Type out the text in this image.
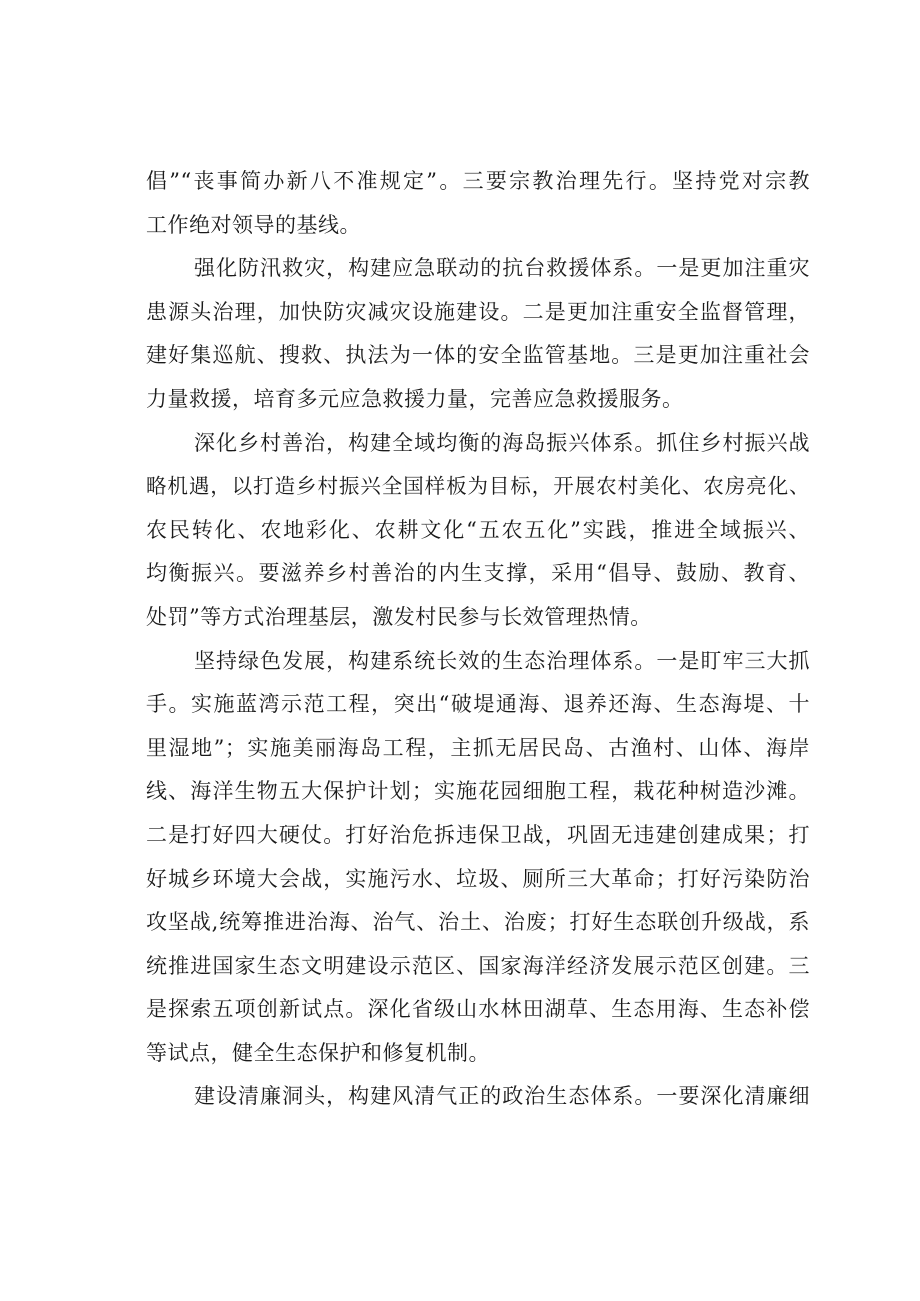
倡”“丧事简办新八不准规定”。三要宗教治理先行。坚持党对宗教
工作绝对领导的基线。
强化防汛救灾，构建应急联动的抗台救援体系。一是更加注重灾
患源头治理，加快防灾减灾设施建设。二是更加注重安全监督管理，
建好集巡航、搜救、执法为一体的安全监管基地。三是更加注重社会
力量救援，培育多元应急救援力量，完善应急救援服务。
深化乡村善治，构建全域均衡的海岛振兴体系。抓住乡村振兴战
略机遇，以打造乡村振兴全国样板为目标，开展农村美化、农房亮化、
农民转化、农地彩化、农耕文化“五农五化”实践，推进全域振兴、
均衡振兴。要滋养乡村善治的内生支撑，采用“倡导、鼓励、教育、
处罚”等方式治理基层，激发村民参与长效管理热情。
坚持绿色发展，构建系统长效的生态治理体系。一是盯牢三大抓
手。实施蓝湾示范工程，突出“破堤通海、退养还海、生态海堤、十
里湿地”；实施美丽海岛工程，主抓无居民岛、古渔村、山体、海岸
线、海洋生物五大保护计划；实施花园细胞工程，栽花种树造沙滩。
二是打好四大硬仗。打好治危拆违保卫战，巩固无违建创建成果；打
好城乡环境大会战，实施污水、垃圾、厕所三大革命；打好污染防治
攻坚战,统筹推进治海、治气、治土、治废；打好生态联创升级战，系
统推进国家生态文明建设示范区、国家海洋经济发展示范区创建。三
是探索五项创新试点。深化省级山水林田湖草、生态用海、生态补偿
等试点，健全生态保护和修复机制。
建设清廉洞头，构建风清气正的政治生态体系。一要深化清廉细
